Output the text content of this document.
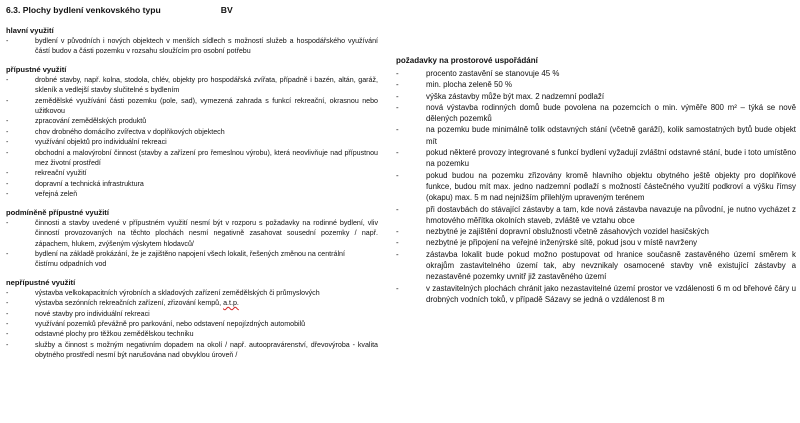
6.3. Plochy bydlení venkovského typu	BV
hlavní využití
- bydlení v původních i nových objektech v menších sídlech s možností služeb a hospodářského využívání částí budov a části pozemku v rozsahu sloužícím pro osobní potřebu
přípustné využití
- drobné stavby, např. kolna, stodola, chlév, objekty pro hospodářská zvířata, případně i bazén, altán, garáž, skleník a vedlejší stavby slučitelné s bydlením
- zemědělské využívání části pozemku (pole, sad), vymezená zahrada s funkcí rekreační, okrasnou nebo užitkovou
- zpracování zemědělských produktů
- chov drobného domácího zvířectva v doplňkových objektech
- využívání objektů pro individuální rekreaci
- obchodní a malovýrobní činnost (stavby a zařízení pro řemeslnou výrobu), která neovlivňuje nad přípustnou mez životní prostředí
- rekreační využití
- dopravní a technická infrastruktura
- veřejná zeleň
podmíněně přípustné využití
- činnosti a stavby uvedené v přípustném využití nesmí být v rozporu s požadavky na rodinné bydlení, vliv činností provozovaných na těchto plochách nesmí negativně zasahovat sousední pozemky / např. zápachem, hlukem, zvýšeným výskytem hlodavců/
- bydlení na základě prokázání, že je zajištěno napojení všech lokalit, řešených změnou na centrální
čistírnu odpadních vod
nepřípustné využití
- výstavba velkokapacitních výrobních a skladových zařízení zemědělských či průmyslových
- výstavba sezónních rekreačních zařízení, zřizování kempů, a.t.p.
- nové stavby pro individuální rekreaci
- využívání pozemků převážně pro parkování, nebo odstavení nepojízdných automobilů
- odstavné plochy pro těžkou zemědělskou techniku
- služby a činnost s možným negativním dopadem na okolí / např. autoopravárenství, dřevovýroba - kvalita obytného prostředí nesmí být narušována nad obvyklou úroveň /
požadavky na prostorové uspořádání
- procento zastavění se stanovuje 45 %
- min. plocha zeleně 50 %
- výška zástavby může být max. 2 nadzemní podlaží
- nová výstavba rodinných domů bude povolena na pozemcích o min. výměře 800 m² – týká se nově dělených pozemků
- na pozemku bude minimálně tolik odstavných stání (včetně garáží), kolik samostatných bytů bude objekt mít
- pokud některé provozy integrované s funkcí bydlení vyžadují zvláštní odstavné stání, bude i toto umístěno na pozemku
- pokud budou na pozemku zřizovány kromě hlavního objektu obytného ještě objekty pro doplňkové funkce, budou mít max. jedno nadzemní podlaží s možností částečného využití podkroví a výšku římsy (okapu) max. 5 m nad nejnižším přilehlým upraveným terénem
- při dostavbách do stávající zástavby a tam, kde nová zástavba navazuje na původní, je nutno vycházet z hmotového měřítka okolních staveb, zvláště ve vztahu obce
- nezbytné je zajištění dopravní obslužnosti včetně zásahových vozidel hasičských
- nezbytné je připojení na veřejné inženýrské sítě, pokud jsou v místě navrženy
- zástavba lokalit bude pokud možno postupovat od hranice současně zastavěného území směrem k okrajům zastavitelného území tak, aby nevznikaly osamocené stavby vně existující zástavby a nezastavěné pozemky uvnitř již zastavěného území
- v zastavitelných plochách chránit jako nezastavitelné území prostor ve vzdálenosti 6 m od břehové čáry u drobných vodních toků, v případě Sázavy se jedná o vzdálenost 8 m
